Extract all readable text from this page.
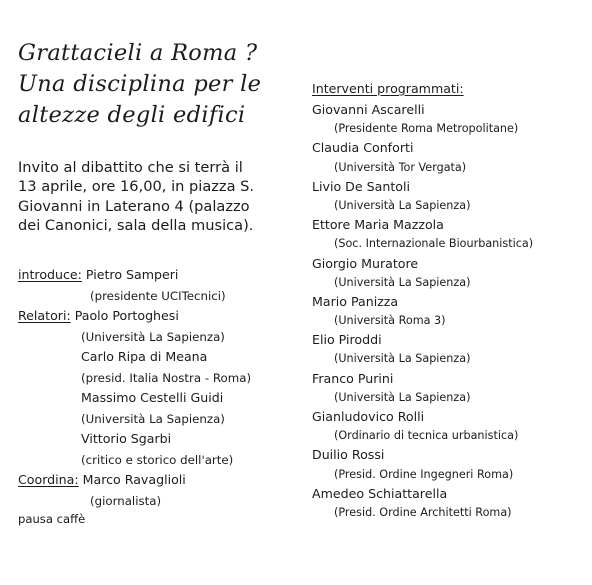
Grattacieli a Roma ?
Una disciplina per le
altezze degli edifici
Invito al dibattito che si terrà il
13 aprile, ore 16,00, in piazza S.
Giovanni in Laterano 4 (palazzo
dei Canonici, sala della musica).
introduce: Pietro Samperi
(presidente UCITecnici)
Relatori: Paolo Portoghesi
(Università La Sapienza)
Carlo Ripa di Meana
(presid. Italia Nostra - Roma)
Massimo Cestelli Guidi
(Università La Sapienza)
Vittorio Sgarbi
(critico e storico dell'arte)
Coordina: Marco Ravaglioli
(giornalista)
pausa caffè
Interventi programmati:
Giovanni Ascarelli
(Presidente Roma Metropolitane)
Claudia Conforti
(Università Tor Vergata)
Livio De Santoli
(Università La Sapienza)
Ettore Maria Mazzola
(Soc. Internazionale Biourbanistica)
Giorgio Muratore
(Università La Sapienza)
Mario Panizza
(Università Roma 3)
Elio Piroddi
(Università La Sapienza)
Franco Purini
(Università La Sapienza)
Gianludovico Rolli
(Ordinario di tecnica urbanistica)
Duilio Rossi
(Presid. Ordine Ingegneri Roma)
Amedeo Schiattarella
(Presid. Ordine Architetti Roma)
